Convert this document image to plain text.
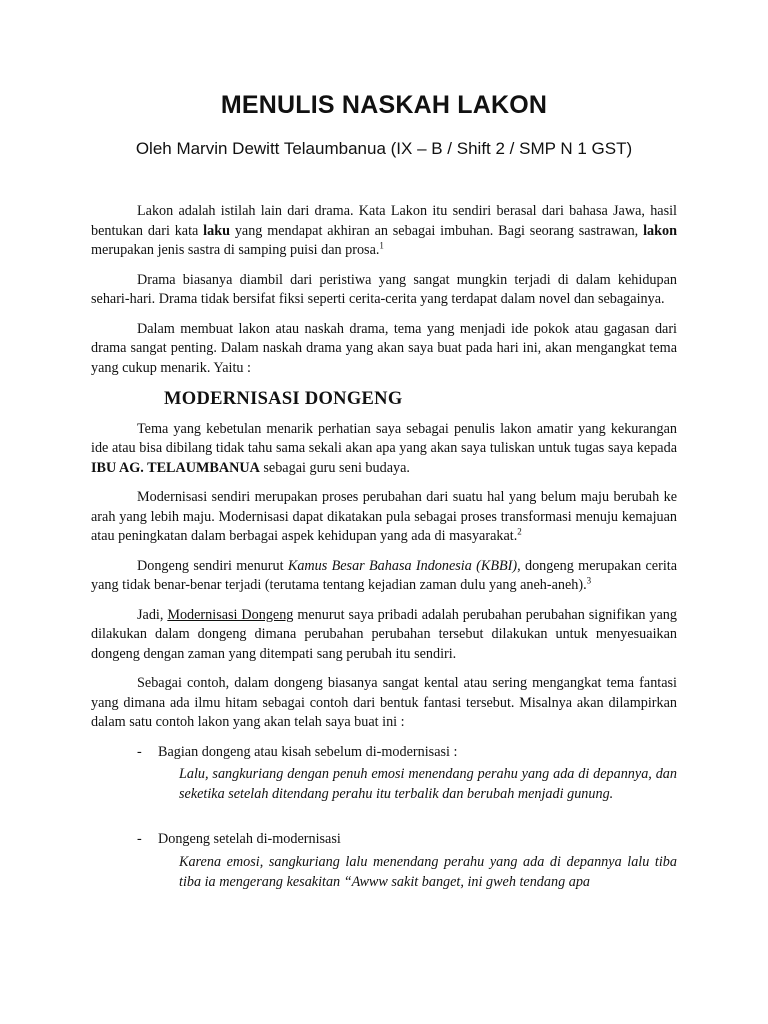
MENULIS NASKAH LAKON
Oleh Marvin Dewitt Telaumbanua (IX – B / Shift 2 / SMP N 1 GST)

Lakon adalah istilah lain dari drama. Kata Lakon itu sendiri berasal dari bahasa Jawa, hasil bentukan dari kata laku yang mendapat akhiran an sebagai imbuhan. Bagi seorang sastrawan, lakon merupakan jenis sastra di samping puisi dan prosa.$^1$

Drama biasanya diambil dari peristiwa yang sangat mungkin terjadi di dalam kehidupan sehari-hari. Drama tidak bersifat fiksi seperti cerita-cerita yang terdapat dalam novel dan sebagainya.

Dalam membuat lakon atau naskah drama, tema yang menjadi ide pokok atau gagasan dari drama sangat penting. Dalam naskah drama yang akan saya buat pada hari ini, akan mengangkat tema yang cukup menarik. Yaitu :

MODERNISASI DONGENG

Tema yang kebetulan menarik perhatian saya sebagai penulis lakon amatir yang kekurangan ide atau bisa dibilang tidak tahu sama sekali akan apa yang akan saya tuliskan untuk tugas saya kepada IBU AG. TELAUMBANUA sebagai guru seni budaya.

Modernisasi sendiri merupakan proses perubahan dari suatu hal yang belum maju berubah ke arah yang lebih maju. Modernisasi dapat dikatakan pula sebagai proses transformasi menuju kemajuan atau peningkatan dalam berbagai aspek kehidupan yang ada di masyarakat.$^2$

Dongeng sendiri menurut Kamus Besar Bahasa Indonesia (KBBI), dongeng merupakan cerita yang tidak benar-benar terjadi (terutama tentang kejadian zaman dulu yang aneh-aneh).$^3$

Jadi, Modernisasi Dongeng menurut saya pribadi adalah perubahan perubahan signifikan yang dilakukan dalam dongeng dimana perubahan perubahan tersebut dilakukan untuk menyesuaikan dongeng dengan zaman yang ditempati sang perubah itu sendiri.

Sebagai contoh, dalam dongeng biasanya sangat kental atau sering mengangkat tema fantasi yang dimana ada ilmu hitam sebagai contoh dari bentuk fantasi tersebut. Misalnya akan dilampirkan dalam satu contoh lakon yang akan telah saya buat ini :

- Bagian dongeng atau kisah sebelum di-modernisasi :
Lalu, sangkuriang dengan penuh emosi menendang perahu yang ada di depannya, dan seketika setelah ditendang perahu itu terbalik dan berubah menjadi gunung.
- Dongeng setelah di-modernisasi
Karena emosi, sangkuriang lalu menendang perahu yang ada di depannya lalu tiba tiba ia mengerang kesakitan “Awww sakit banget, ini gweh tendang apa
